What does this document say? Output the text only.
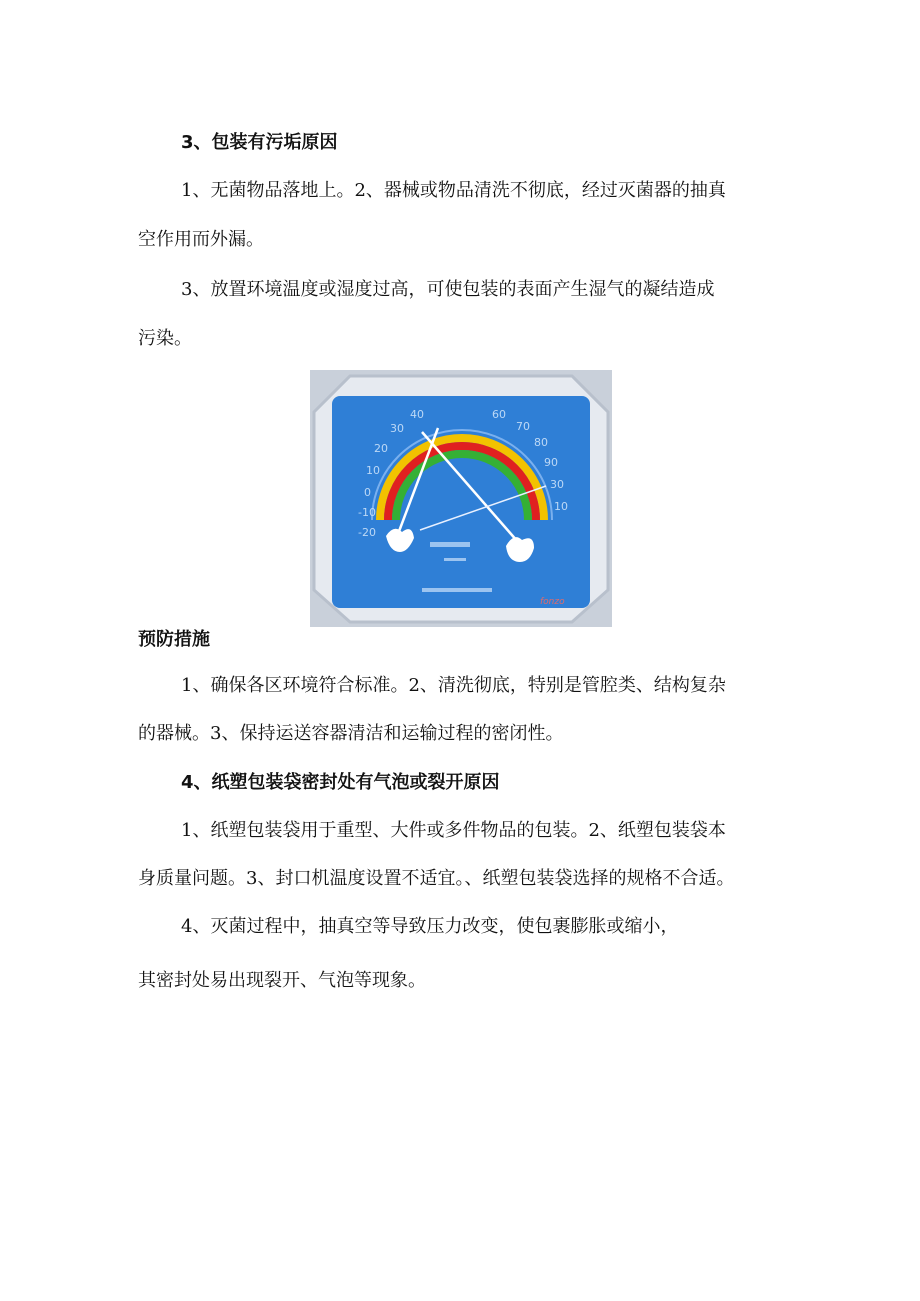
3、包装有污垢原因
1、无菌物品落地上。2、器械或物品清洗不彻底，经过灭菌器的抽真
空作用而外漏。
3、放置环境温度或湿度过高，可使包装的表面产生湿气的凝结造成
污染。
40
30
20
10
0
-10
-20
60
70
80
90
30
10
fonzo
预防措施
1、确保各区环境符合标准。2、清洗彻底，特别是管腔类、结构复杂
的器械。3、保持运送容器清洁和运输过程的密闭性。
4、纸塑包装袋密封处有气泡或裂开原因
1、纸塑包装袋用于重型、大件或多件物品的包装。2、纸塑包装袋本
身质量问题。3、封口机温度设置不适宜。、纸塑包装袋选择的规格不合适。
4、灭菌过程中，抽真空等导致压力改变，使包裹膨胀或缩小，
其密封处易出现裂开、气泡等现象。
